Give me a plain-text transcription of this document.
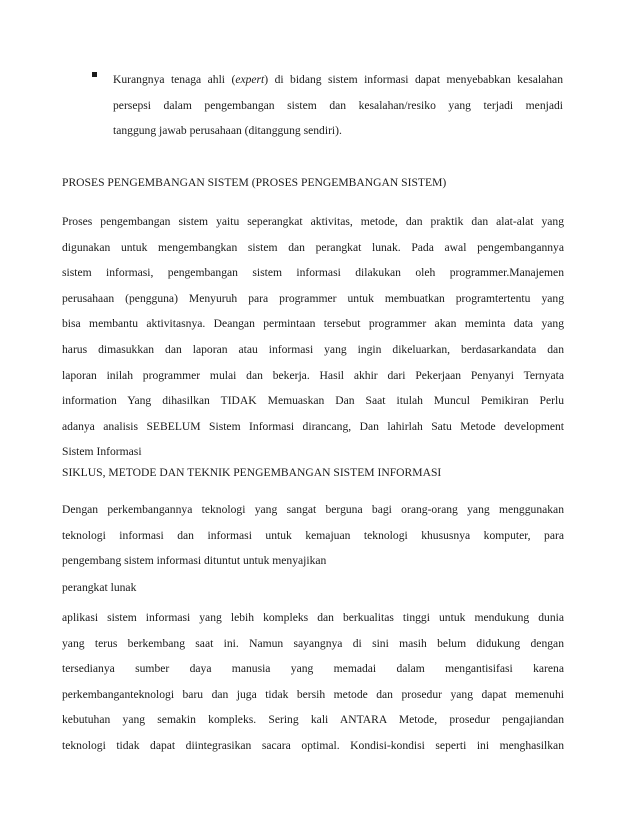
Kurangnya tenaga ahli (expert) di bidang sistem informasi dapat menyebabkan kesalahan
persepsi dalam pengembangan sistem dan kesalahan/resiko yang terjadi menjadi
tanggung jawab perusahaan (ditanggung sendiri).
PROSES PENGEMBANGAN SISTEM (PROSES PENGEMBANGAN SISTEM)
Proses pengembangan sistem yaitu seperangkat aktivitas, metode, dan praktik dan alat-alat yang
digunakan untuk mengembangkan sistem dan perangkat lunak. Pada awal pengembangannya
sistem informasi, pengembangan sistem informasi dilakukan oleh programmer.Manajemen
perusahaan (pengguna) Menyuruh para programmer untuk membuatkan programtertentu yang
bisa membantu aktivitasnya. Deangan permintaan tersebut programmer akan meminta data yang
harus dimasukkan dan laporan atau informasi yang ingin dikeluarkan, berdasarkandata dan
laporan inilah programmer mulai dan bekerja. Hasil akhir dari Pekerjaan Penyanyi Ternyata
information Yang dihasilkan TIDAK Memuaskan Dan Saat itulah Muncul Pemikiran Perlu
adanya analisis SEBELUM Sistem Informasi dirancang, Dan lahirlah Satu Metode development
Sistem Informasi
SIKLUS, METODE DAN TEKNIK PENGEMBANGAN SISTEM INFORMASI
Dengan perkembangannya teknologi yang sangat berguna bagi orang-orang yang menggunakan
teknologi informasi dan informasi untuk kemajuan teknologi khususnya komputer, para
pengembang sistem informasi dituntut untuk menyajikan
perangkat lunak
aplikasi sistem informasi yang lebih kompleks dan berkualitas tinggi untuk mendukung dunia
yang terus berkembang saat ini. Namun sayangnya di sini masih belum didukung dengan
tersedianya sumber daya manusia yang memadai dalam mengantisifasi karena
perkembanganteknologi baru dan juga tidak bersih metode dan prosedur yang dapat memenuhi
kebutuhan yang semakin kompleks. Sering kali ANTARA Metode, prosedur pengajiandan
teknologi tidak dapat diintegrasikan sacara optimal. Kondisi-kondisi seperti ini menghasilkan
